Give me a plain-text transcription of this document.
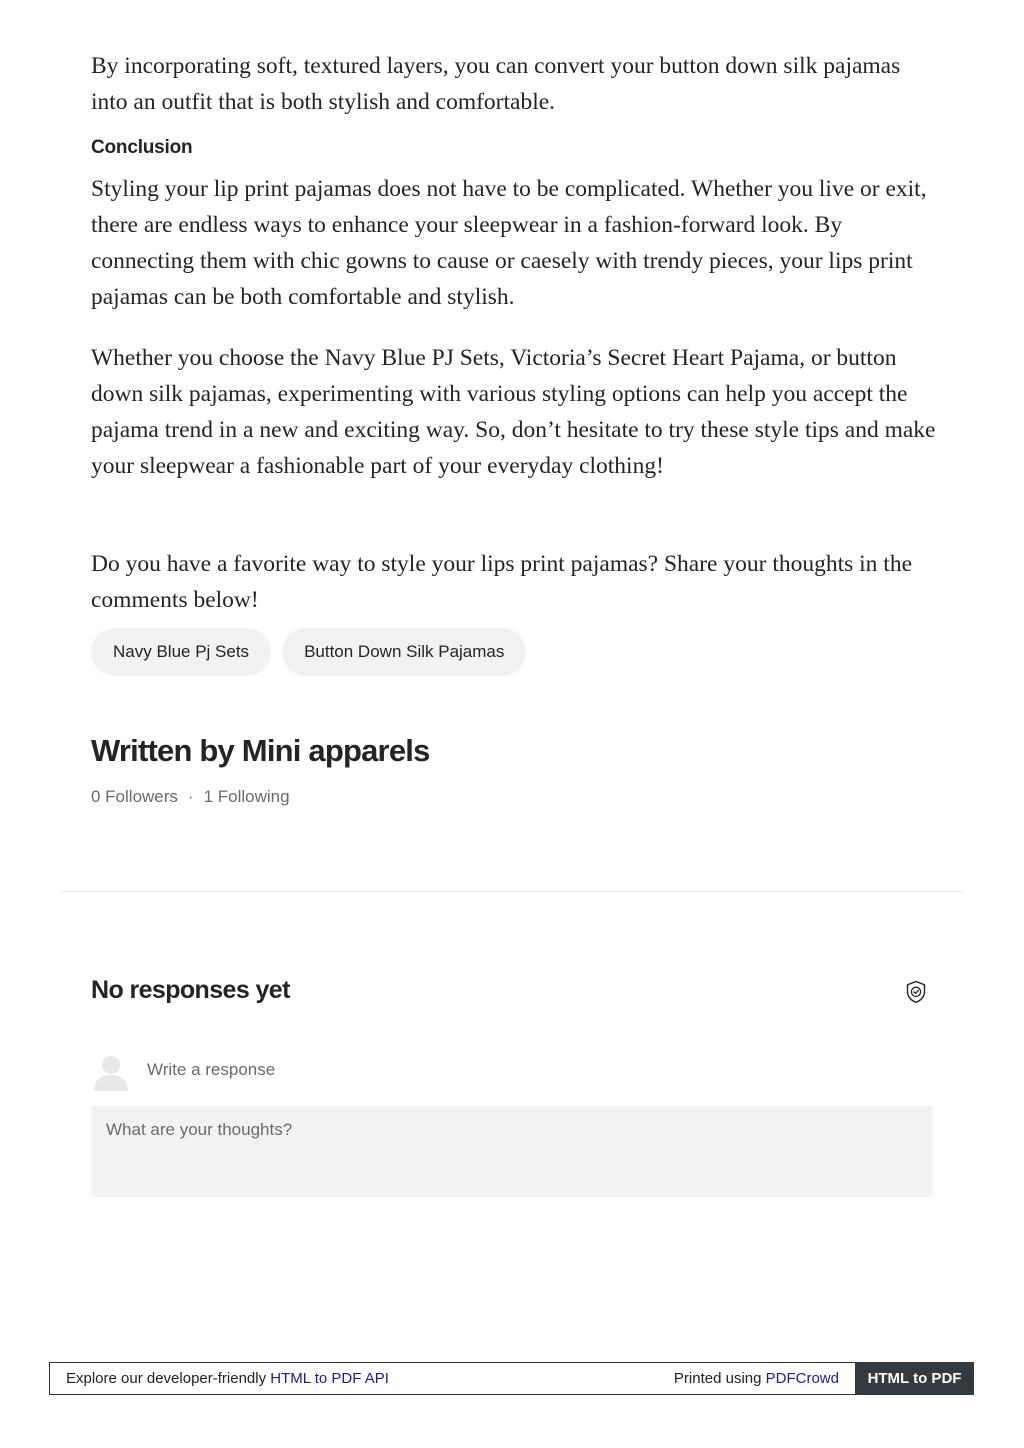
By incorporating soft, textured layers, you can convert your button down silk pajamas into an outfit that is both stylish and comfortable.

Conclusion

Styling your lip print pajamas does not have to be complicated. Whether you live or exit, there are endless ways to enhance your sleepwear in a fashion-forward look. By connecting them with chic gowns to cause or caesely with trendy pieces, your lips print pajamas can be both comfortable and stylish.

Whether you choose the Navy Blue PJ Sets, Victoria’s Secret Heart Pajama, or button down silk pajamas, experimenting with various styling options can help you accept the pajama trend in a new and exciting way. So, don’t hesitate to try these style tips and make your sleepwear a fashionable part of your everyday clothing!

Do you have a favorite way to style your lips print pajamas? Share your thoughts in the comments below!

Navy Blue Pj Sets	Button Down Silk Pajamas
Written by Mini apparels
0 Followers · 1 Following
No responses yet
Write a response
What are your thoughts?
Explore our developer-friendly HTML to PDF API	Printed using PDFCrowd	HTML to PDF
